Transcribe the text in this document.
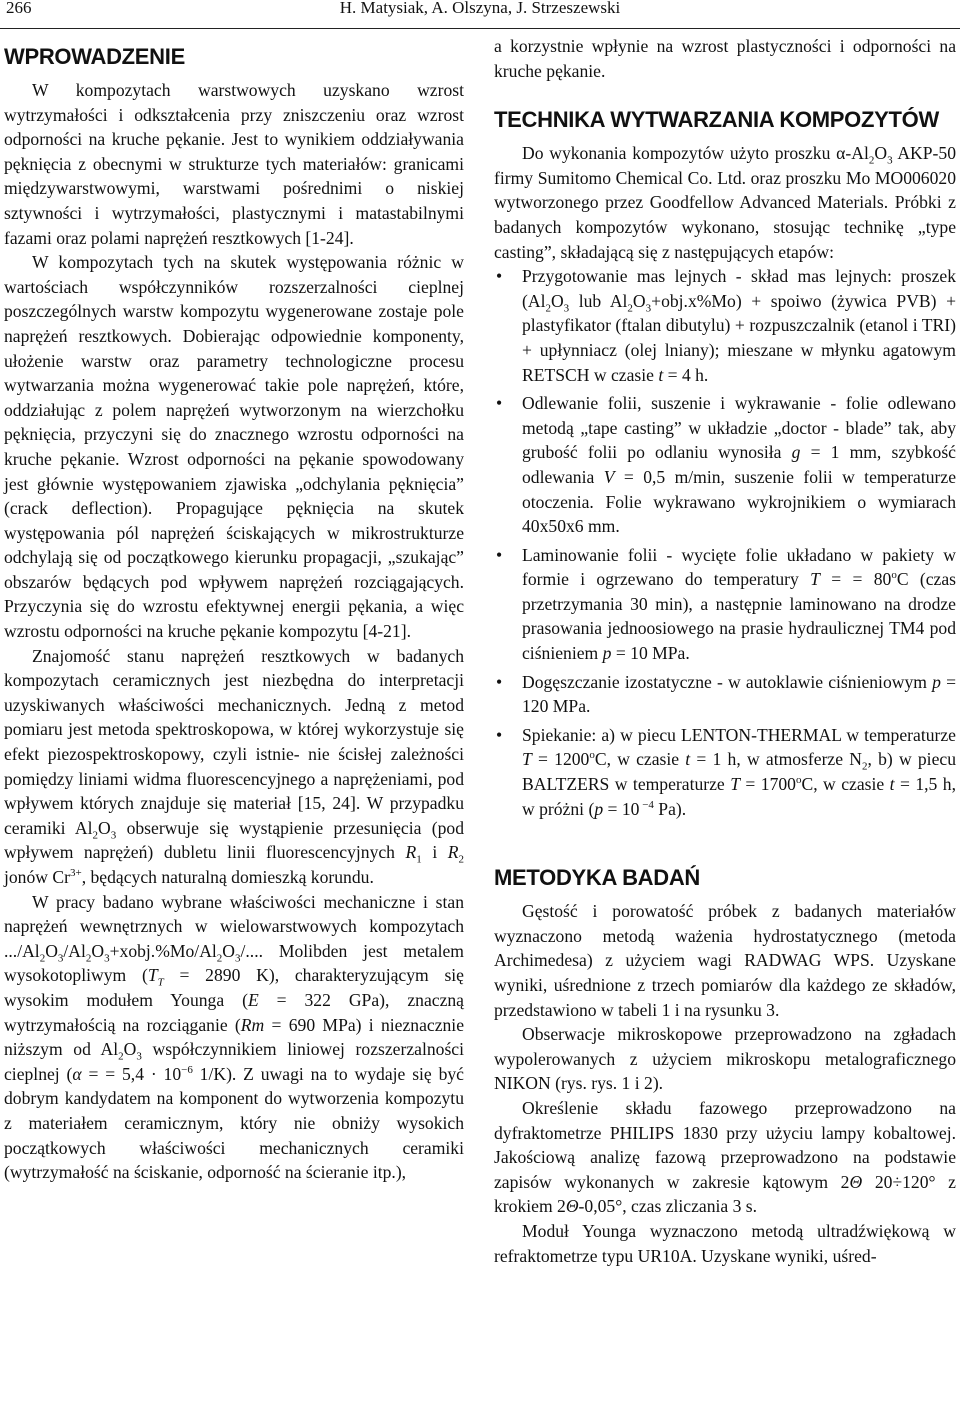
266	H. Matysiak, A. Olszyna, J. Strzeszewski
WPROWADZENIE

W kompozytach warstwowych uzyskano wzrost wytrzymałości i odkształcenia przy zniszczeniu oraz wzrost odporności na kruche pękanie. Jest to wynikiem oddziaływania pęknięcia z obecnymi w strukturze tych materiałów: granicami międzywarstwowymi, warstwami pośrednimi o niskiej sztywności i wytrzymałości, plastycznymi i matastabilnymi fazami oraz polami naprężeń resztkowych [1-24].

W kompozytach tych na skutek występowania różnic w wartościach współczynników rozszerzalności cieplnej poszczególnych warstw kompozytu wygenerowane zostaje pole naprężeń resztkowych. Dobierając odpowiednie komponenty, ułożenie warstw oraz parametry technologiczne procesu wytwarzania można wygenerować takie pole naprężeń, które, oddziałując z polem naprężeń wytworzonym na wierzchołku pęknięcia, przyczyni się do znacznego wzrostu odporności na kruche pękanie. Wzrost odporności na pękanie spowodowany jest głównie występowaniem zjawiska „odchylania pęknięcia” (crack deflection). Propagujące pęknięcia na skutek występowania pól naprężeń ściskających w mikrostrukturze odchylają się od początkowego kierunku propagacji, „szukając” obszarów będących pod wpływem naprężeń rozciągających. Przyczynia się do wzrostu efektywnej energii pękania, a więc wzrostu odporności na kruche pękanie kompozytu [4-21].

Znajomość stanu naprężeń resztkowych w badanych kompozytach ceramicznych jest niezbędna do interpretacji uzyskiwanych właściwości mechanicznych. Jedną z metod pomiaru jest metoda spektroskopowa, w której wykorzystuje się efekt piezospektroskopowy, czyli istnie- nie ścisłej zależności pomiędzy liniami widma fluorescencyjnego a naprężeniami, pod wpływem których znajduje się materiał [15, 24]. W przypadku ceramiki $Al_2O_3$ obserwuje się wystąpienie przesunięcia (pod wpływem naprężeń) dubletu linii fluorescencyjnych $R_1$ i $R_2$ jonów $Cr^{3+}$, będących naturalną domieszką korundu.

W pracy badano wybrane właściwości mechaniczne i stan naprężeń wewnętrznych w wielowarstwowych kompozytach $.../Al_2O_3/Al_2O_3+xobj.\%Mo/Al_2O_3/$.... Molibden jest metalem wysokotopliwym ($T_T = 2890$ K), charakteryzującym się wysokim modułem Younga (E = 322 GPa), znaczną wytrzymałością na rozciąganie (Rm = 690 MPa) i nieznacznie niższym od $Al_2O_3$ współczynnikiem liniowej rozszerzalności cieplnej (α = = $5,4 \cdot 10^{-6}$ 1/K). Z uwagi na to wydaje się być dobrym kandydatem na komponent do wytworzenia kompozytu z materiałem ceramicznym, który nie obniży wysokich początkowych właściwości mechanicznych ceramiki (wytrzymałość na ściskanie, odporność na ścieranie itp.),

a korzystnie wpłynie na wzrost plastyczności i odporności na kruche pękanie.

TECHNIKA WYTWARZANIA KOMPOZYTÓW

Do wykonania kompozytów użyto proszku $\alpha-Al_2O_3$ AKP-50 firmy Sumitomo Chemical Co. Ltd. oraz proszku Mo MO006020 wytworzonego przez Goodfellow Advanced Materials. Próbki z badanych kompozytów wykonano, stosując technikę „type casting”, składającą się z następujących etapów:

• Przygotowanie mas lejnych - skład mas lejnych: proszek ($Al_2O_3$ lub $Al_2O_3+obj.x\%Mo$) + spoiwo (żywica PVB) + plastyfikator (ftalan dibutylu) + rozpuszczalnik (etanol i TRI) + upłynniacz (olej lniany); mieszane w młynku agatowym RETSCH w czasie t = 4 h.
• Odlewanie folii, suszenie i wykrawanie - folie odlewano metodą „tape casting” w układzie „doctor - blade” tak, aby grubość folii po odlaniu wynosiła g = 1 mm, szybkość odlewania V = 0,5 m/min, suszenie folii w temperaturze otoczenia. Folie wykrawano wykrojnikiem o wymiarach 40x50x6 mm.
• Laminowanie folii - wycięte folie układano w pakiety w formie i ogrzewano do temperatury T = = $80^oC$ (czas przetrzymania 30 min), a następnie laminowano na drodze prasowania jednoosiowego na prasie hydraulicznej TM4 pod ciśnieniem p = 10 MPa.
• Dogęszczanie izostatyczne - w autoklawie ciśnieniowym p = 120 MPa.
• Spiekanie: a) w piecu LENTON-THERMAL w temperaturze $T = 1200^oC$, w czasie t = 1 h, w atmosferze $N_2$, b) w piecu BALTZERS w temperaturze $T = 1700^oC$, w czasie t = 1,5 h, w próżni (p = 10 $^{-4}$ Pa).
METODYKA BADAŃ

Gęstość i porowatość próbek z badanych materiałów wyznaczono metodą ważenia hydrostatycznego (metoda Archimedesa) z użyciem wagi RADWAG WPS. Uzyskane wyniki, uśrednione z trzech pomiarów dla każdego ze składów, przedstawiono w tabeli 1 i na rysunku 3.

Obserwacje mikroskopowe przeprowadzono na zgładach wypolerowanych z użyciem mikroskopu metalograficznego NIKON (rys. rys. 1 i 2).

Określenie składu fazowego przeprowadzono na dyfraktometrze PHILIPS 1830 przy użyciu lampy kobaltowej. Jakościową analizę fazową przeprowadzono na podstawie zapisów wykonanych w zakresie kątowym 2Θ 20÷120° z krokiem 2Θ-0,05°, czas zliczania 3 s.

Moduł Younga wyznaczono metodą ultradźwiękową w refraktometrze typu UR10A. Uzyskane wyniki, uśred-
